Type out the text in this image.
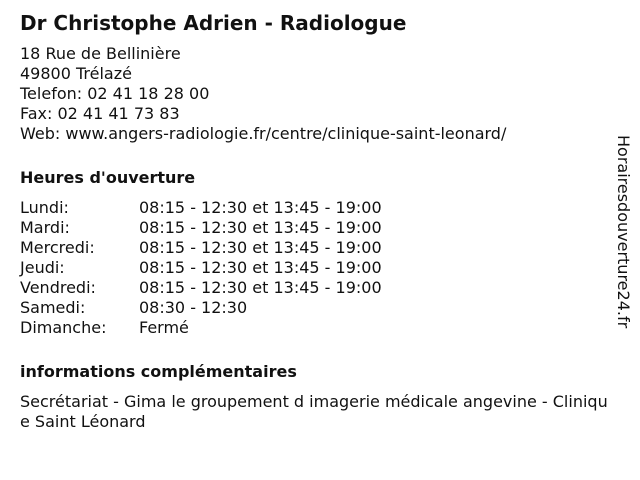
Dr Christophe Adrien - Radiologue
18 Rue de Bellinière
49800 Trélazé
Telefon: 02 41 18 28 00
Fax: 02 41 41 73 83
Web: www.angers-radiologie.fr/centre/clinique-saint-leonard/
Heures d'ouverture
Lundi:	08:15 - 12:30 et 13:45 - 19:00
Mardi:	08:15 - 12:30 et 13:45 - 19:00
Mercredi:	08:15 - 12:30 et 13:45 - 19:00
Jeudi:	08:15 - 12:30 et 13:45 - 19:00
Vendredi:	08:15 - 12:30 et 13:45 - 19:00
Samedi:	08:30 - 12:30
Dimanche:	Fermé
informations complémentaires
Secrétariat - Gima le groupement d imagerie médicale angevine - Clinique Saint Léonard
Horairesdouverture24.fr
